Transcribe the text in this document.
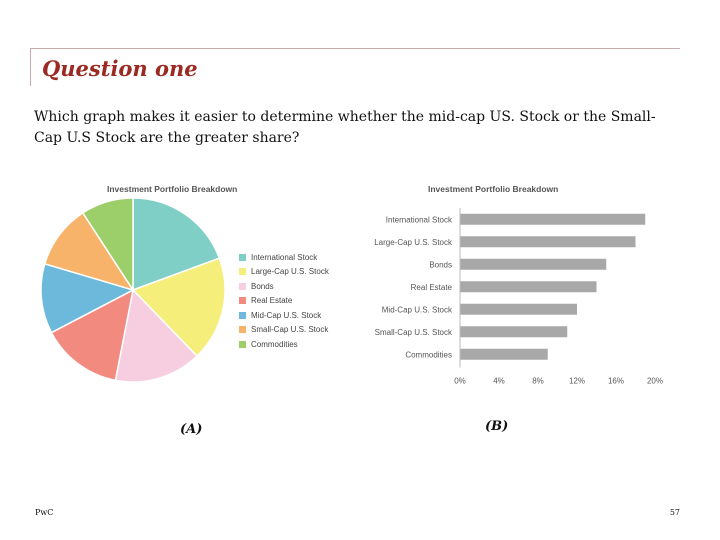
Question one
Which graph makes it easier to determine whether the mid-cap US. Stock or the Small-Cap U.S Stock are the greater share?
Investment Portfolio Breakdown
International Stock
Large-Cap U.S. Stock
Bonds
Real Estate
Mid-Cap U.S. Stock
Small-Cap U.S. Stock
Commodities
Investment Portfolio Breakdown
International Stock
Large-Cap U.S. Stock
Bonds
Real Estate
Mid-Cap U.S. Stock
Small-Cap U.S. Stock
Commodities
0%	4%	8%	12%	16%	20%
(A)	(B)
PwC	57
